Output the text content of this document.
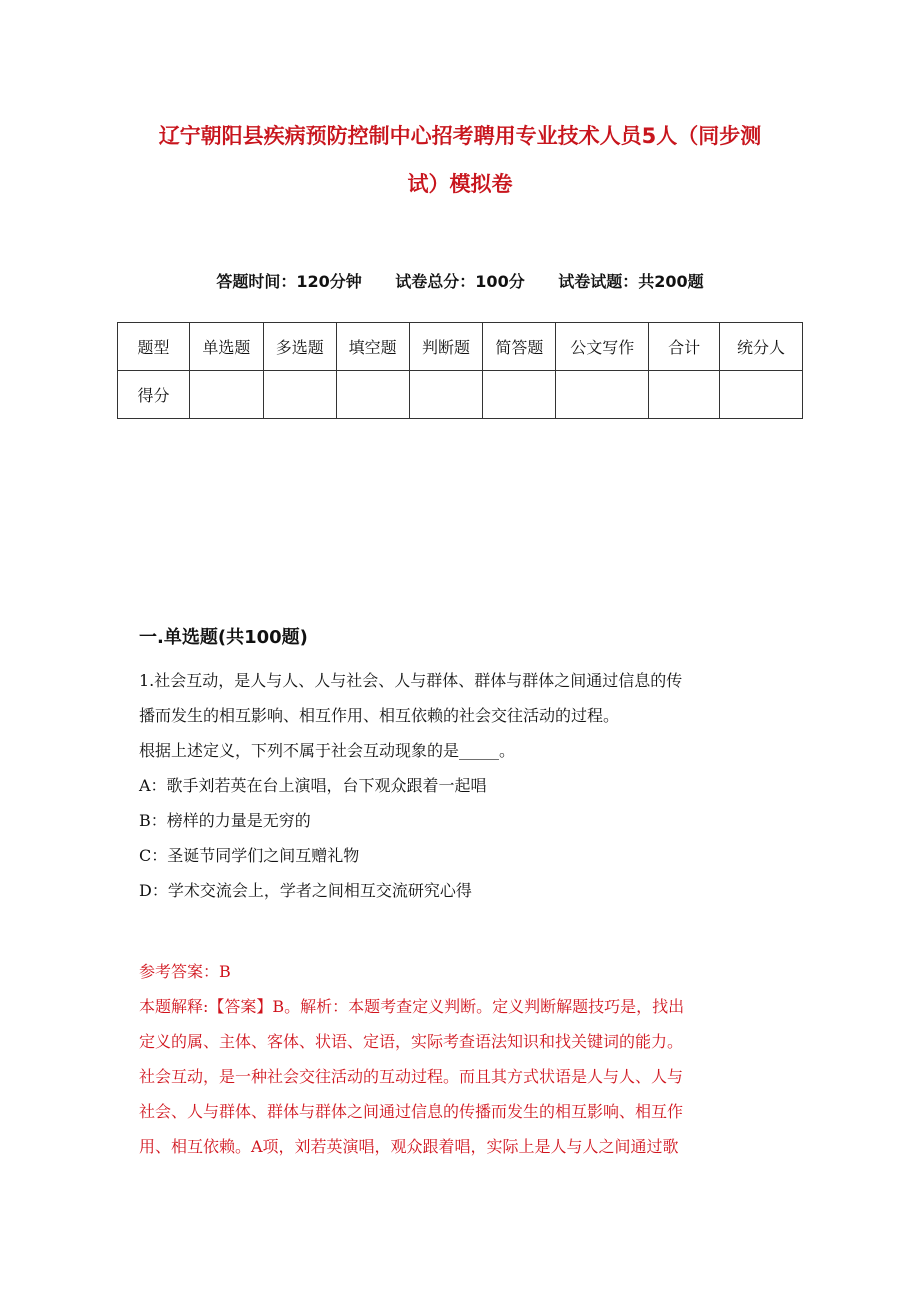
辽宁朝阳县疾病预防控制中心招考聘用专业技术人员5人（同步测
试）模拟卷
答题时间：120分钟 试卷总分：100分 试卷试题：共200题
题型	单选题	多选题	填空题	判断题	简答题	公文写作	合计	统分人
得分								
一.单选题(共100题)

1.社会互动，是人与人、人与社会、人与群体、群体与群体之间通过信息的传

播而发生的相互影响、相互作用、相互依赖的社会交往活动的过程。

根据上述定义，下列不属于社会互动现象的是_____。

A：歌手刘若英在台上演唱，台下观众跟着一起唱

B：榜样的力量是无穷的

C：圣诞节同学们之间互赠礼物

D：学术交流会上，学者之间相互交流研究心得

参考答案：B

本题解释:【答案】B。解析：本题考查定义判断。定义判断解题技巧是，找出

定义的属、主体、客体、状语、定语，实际考查语法知识和找关键词的能力。

社会互动，是一种社会交往活动的互动过程。而且其方式状语是人与人、人与

社会、人与群体、群体与群体之间通过信息的传播而发生的相互影响、相互作

用、相互依赖。A项，刘若英演唱，观众跟着唱，实际上是人与人之间通过歌
